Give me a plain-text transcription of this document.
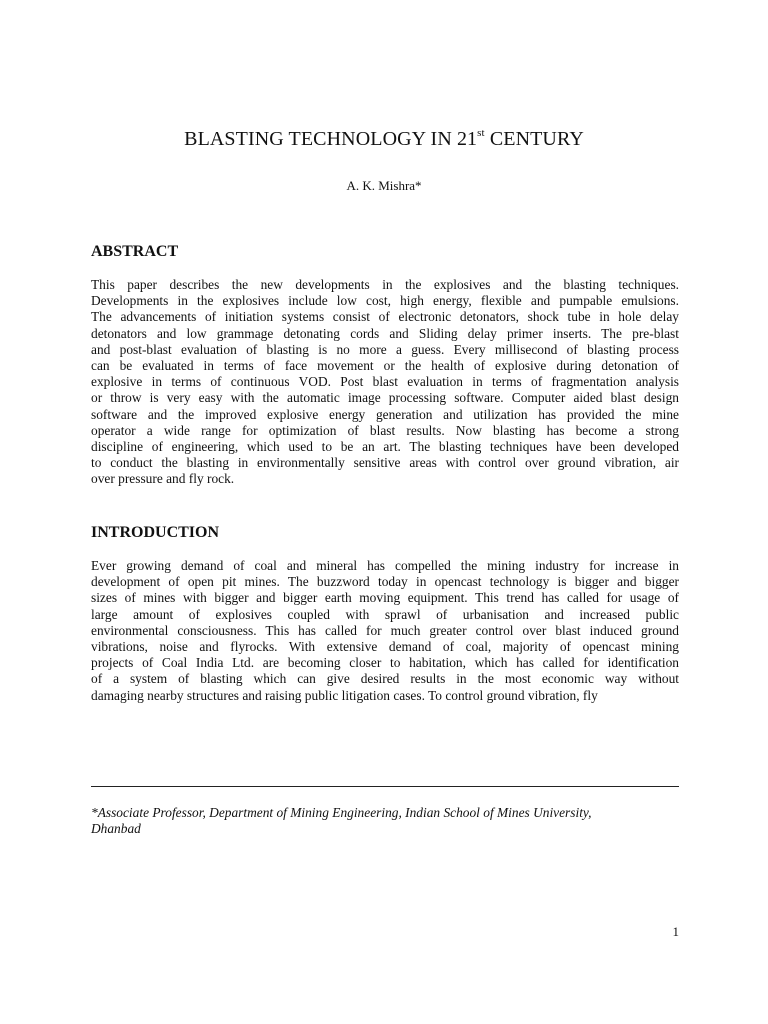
BLASTING TECHNOLOGY IN 21st CENTURY
A. K. Mishra*
ABSTRACT
This paper describes the new developments in the explosives and the blasting techniques.
Developments in the explosives include low cost, high energy, flexible and pumpable emulsions.
The advancements of initiation systems consist of electronic detonators, shock tube in hole delay
detonators and low grammage detonating cords and Sliding delay primer inserts. The pre-blast
and post-blast evaluation of blasting is no more a guess. Every millisecond of blasting process
can be evaluated in terms of face movement or the health of explosive during detonation of
explosive in terms of continuous VOD. Post blast evaluation in terms of fragmentation analysis
or throw is very easy with the automatic image processing software. Computer aided blast design
software and the improved explosive energy generation and utilization has provided the mine
operator a wide range for optimization of blast results. Now blasting has become a strong
discipline of engineering, which used to be an art. The blasting techniques have been developed
to conduct the blasting in environmentally sensitive areas with control over ground vibration, air
over pressure and fly rock.
INTRODUCTION
Ever growing demand of coal and mineral has compelled the mining industry for increase in
development of open pit mines. The buzzword today in opencast technology is bigger and bigger
sizes of mines with bigger and bigger earth moving equipment. This trend has called for usage of
large amount of explosives coupled with sprawl of urbanisation and increased public
environmental consciousness. This has called for much greater control over blast induced ground
vibrations, noise and flyrocks. With extensive demand of coal, majority of opencast mining
projects of Coal India Ltd. are becoming closer to habitation, which has called for identification
of a system of blasting which can give desired results in the most economic way without
damaging nearby structures and raising public litigation cases. To control ground vibration, fly
*Associate Professor, Department of Mining Engineering, Indian School of Mines University,
Dhanbad
1
